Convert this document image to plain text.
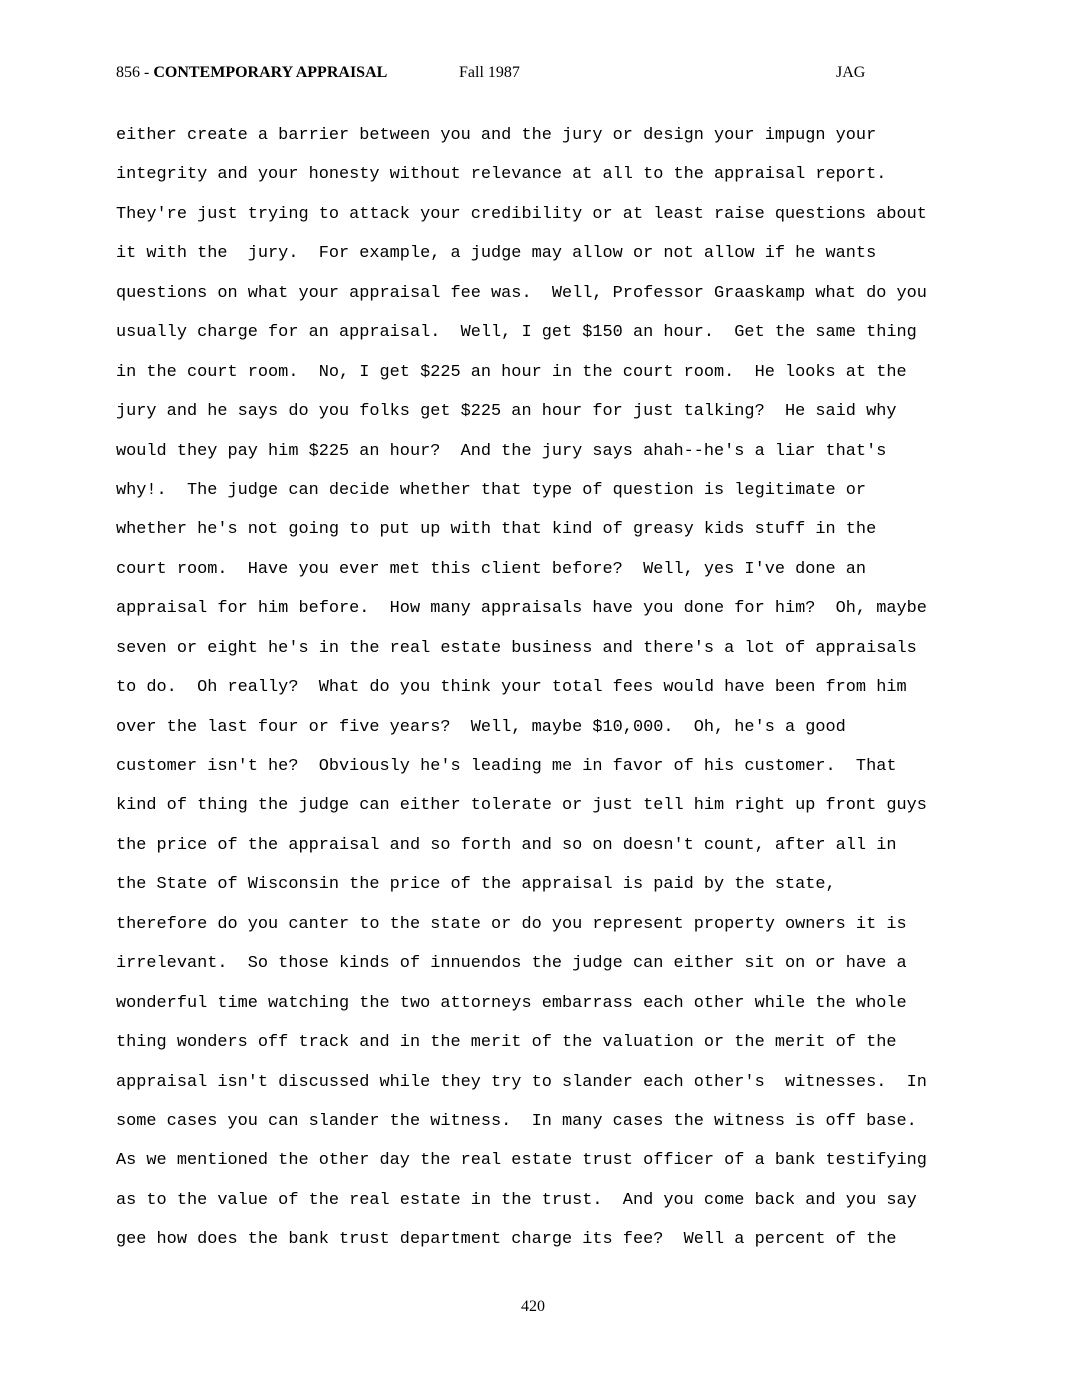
856 - CONTEMPORARY APPRAISAL	Fall 1987	JAG
either create a barrier between you and the jury or design your impugn your
integrity and your honesty without relevance at all to the appraisal report.
They're just trying to attack your credibility or at least raise questions about
it with the  jury.  For example, a judge may allow or not allow if he wants
questions on what your appraisal fee was.  Well, Professor Graaskamp what do you
usually charge for an appraisal.  Well, I get $150 an hour.  Get the same thing
in the court room.  No, I get $225 an hour in the court room.  He looks at the
jury and he says do you folks get $225 an hour for just talking?  He said why
would they pay him $225 an hour?  And the jury says ahah--he's a liar that's
why!.  The judge can decide whether that type of question is legitimate or
whether he's not going to put up with that kind of greasy kids stuff in the
court room.  Have you ever met this client before?  Well, yes I've done an
appraisal for him before.  How many appraisals have you done for him?  Oh, maybe
seven or eight he's in the real estate business and there's a lot of appraisals
to do.  Oh really?  What do you think your total fees would have been from him
over the last four or five years?  Well, maybe $10,000.  Oh, he's a good
customer isn't he?  Obviously he's leading me in favor of his customer.  That
kind of thing the judge can either tolerate or just tell him right up front guys
the price of the appraisal and so forth and so on doesn't count, after all in
the State of Wisconsin the price of the appraisal is paid by the state,
therefore do you canter to the state or do you represent property owners it is
irrelevant.  So those kinds of innuendos the judge can either sit on or have a
wonderful time watching the two attorneys embarrass each other while the whole
thing wonders off track and in the merit of the valuation or the merit of the
appraisal isn't discussed while they try to slander each other's  witnesses.  In
some cases you can slander the witness.  In many cases the witness is off base.
As we mentioned the other day the real estate trust officer of a bank testifying
as to the value of the real estate in the trust.  And you come back and you say
gee how does the bank trust department charge its fee?  Well a percent of the
420
